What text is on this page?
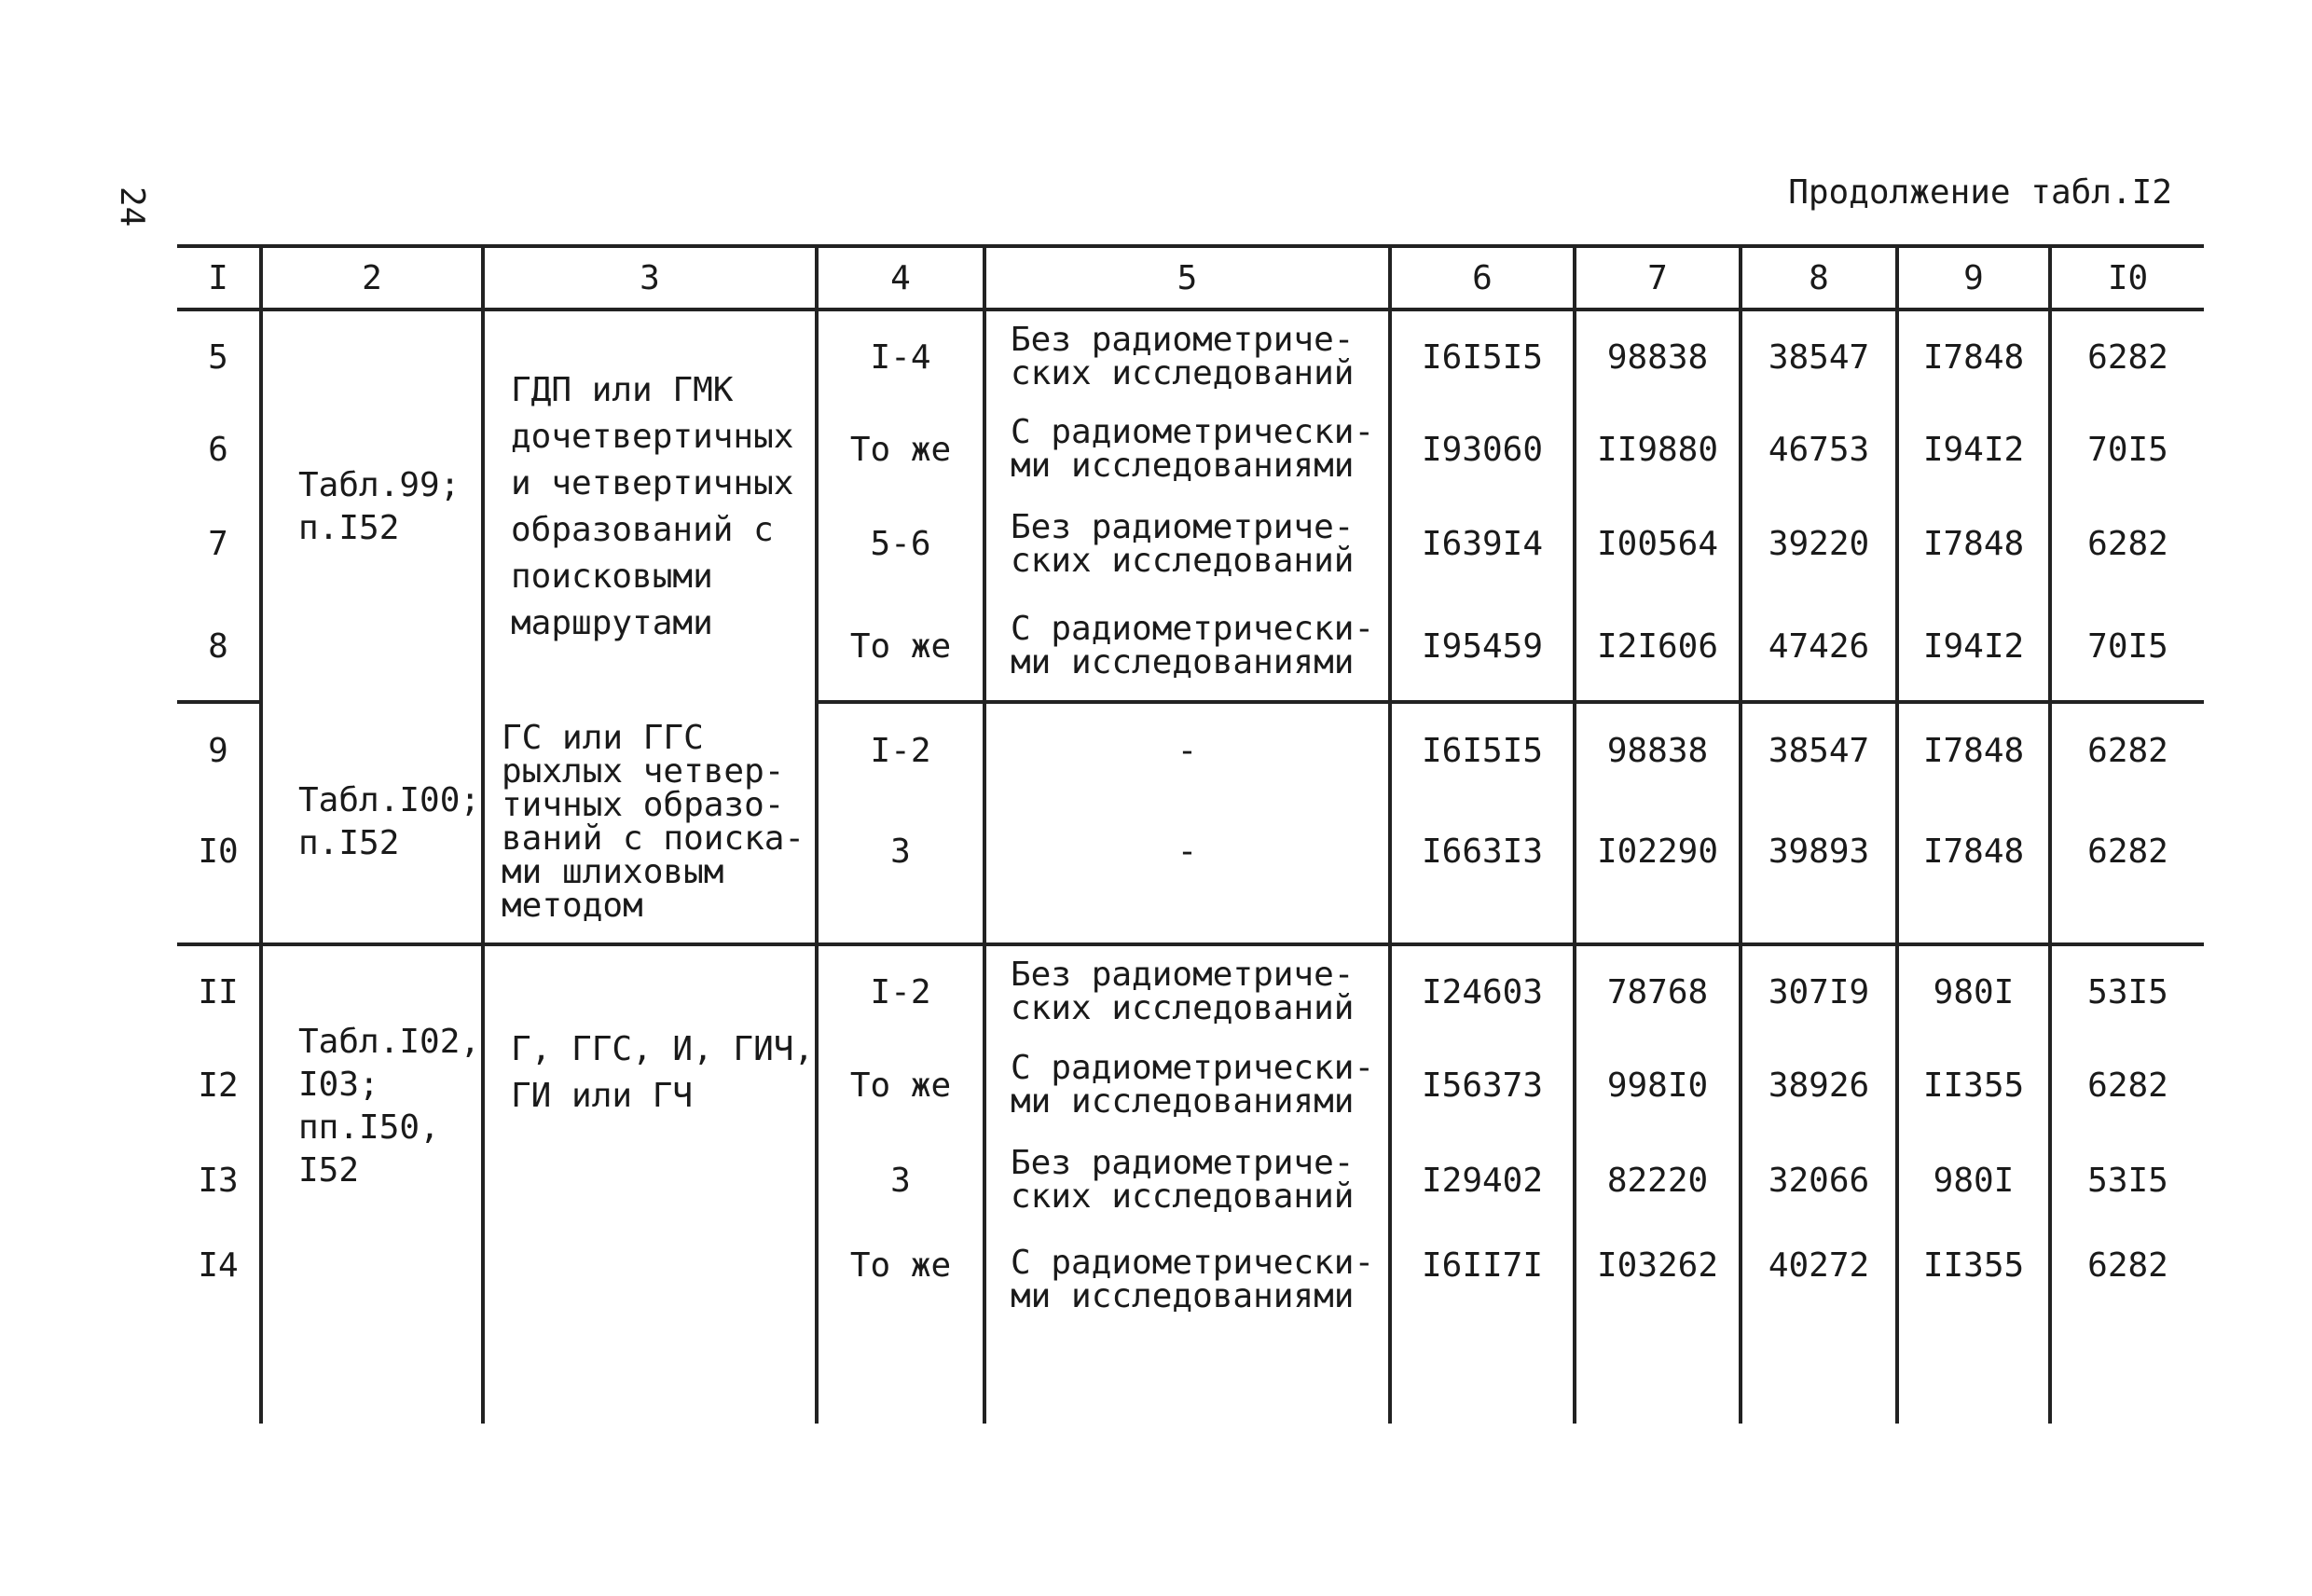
24	Продолжение табл.I2
I	2	3	4	5	6	7	8	9	I0
5	Табл.99; п.I52	ГДП или ГМК дочетвертичных и четвертичных образований с поисковыми маршрутами	I-4	Без радиометриче-ских исследований	I6I5I5	98838	38547	I7848	6282
6			То же	С радиометрически-ми исследованиями	I93060	II9880	46753	I94I2	70I5
7			5-6	Без радиометриче-ских исследований	I639I4	I00564	39220	I7848	6282
8			То же	С радиометрически-ми исследованиями	I95459	I2I606	47426	I94I2	70I5
9	Табл.I00; п.I52	ГС или ГГС рыхлых четвер-тичных образо-ваний с поиска-ми шлиховым методом	I-2	-	I6I5I5	98838	38547	I7848	6282
I0			3	-	I663I3	I02290	39893	I7848	6282
II	Табл.I02, I03; пп.I50, I52	Г, ГГС, И, ГИЧ, ГИ или ГЧ	I-2	Без радиометриче-ских исследований	I24603	78768	307I9	980I	53I5
I2			То же	С радиометрически-ми исследованиями	I56373	998I0	38926	II355	6282
I3			3	Без радиометриче-ских исследований	I29402	82220	32066	980I	53I5
I4			То же	С радиометрически-ми исследованиями	I6II7I	I03262	40272	II355	6282
